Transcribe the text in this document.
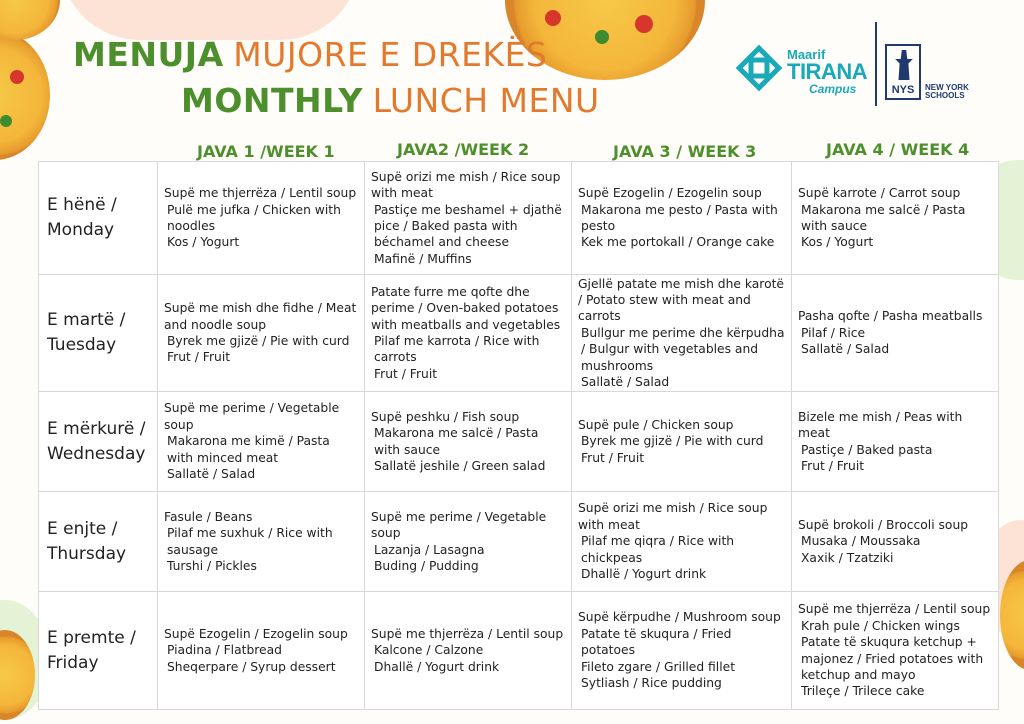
MENUJA MUJORE E DREKËS
MONTHLY LUNCH MENU
Maarif
TIRANA
Campus	NYS	NEW YORK
SCHOOLS
JAVA 1 /WEEK 1	JAVA2 /WEEK 2	JAVA 3 / WEEK 3	JAVA 4 / WEEK 4
E hënë /
Monday	Supë me thjerrëza / Lentil soup
Pulë me jufka / Chicken with noodles
Kos / Yogurt	Supë orizi me mish / Rice soup with meat
Pastiçe me beshamel + djathë pice / Baked pasta with béchamel and cheese
Mafinë / Muffins	Supë Ezogelin / Ezogelin soup
Makarona me pesto / Pasta with pesto
Kek me portokall / Orange cake	Supë karrote / Carrot soup
Makarona me salcë / Pasta with sauce
Kos / Yogurt

E martë /
Tuesday	Supë me mish dhe fidhe / Meat and noodle soup
Byrek me gjizë / Pie with curd
Frut / Fruit	Patate furre me qofte dhe perime / Oven-baked potatoes with meatballs and vegetables
Pilaf me karrota / Rice with carrots
Frut / Fruit	Gjellë patate me mish dhe karotë / Potato stew with meat and carrots
Bullgur me perime dhe kërpudha / Bulgur with vegetables and mushrooms
Sallatë / Salad	Pasha qofte / Pasha meatballs
Pilaf / Rice
Sallatë / Salad

E mërkurë /
Wednesday	Supë me perime / Vegetable soup
Makarona me kimë / Pasta with minced meat
Sallatë / Salad	Supë peshku / Fish soup
Makarona me salcë / Pasta with sauce
Sallatë jeshile / Green salad	Supë pule / Chicken soup
Byrek me gjizë / Pie with curd
Frut / Fruit	Bizele me mish / Peas with meat
Pastiçe / Baked pasta
Frut / Fruit

E enjte /
Thursday	Fasule / Beans
Pilaf me suxhuk / Rice with sausage
Turshi / Pickles	Supë me perime / Vegetable soup
Lazanja / Lasagna
Buding / Pudding	Supë orizi me mish / Rice soup with meat
Pilaf me qiqra / Rice with chickpeas
Dhallë / Yogurt drink	Supë brokoli / Broccoli soup
Musaka / Moussaka
Xaxik / Tzatziki

E premte /
Friday	Supë Ezogelin / Ezogelin soup
Piadina / Flatbread
Sheqerpare / Syrup dessert	Supë me thjerrëza / Lentil soup
Kalcone / Calzone
Dhallë / Yogurt drink	Supë kërpudhe / Mushroom soup
Patate të skuqura / Fried potatoes
Fileto zgare / Grilled fillet
Sytliash / Rice pudding	Supë me thjerrëza / Lentil soup
Krah pule / Chicken wings
Patate të skuqura ketchup + majonez / Fried potatoes with ketchup and mayo
Trileçe / Trilece cake
